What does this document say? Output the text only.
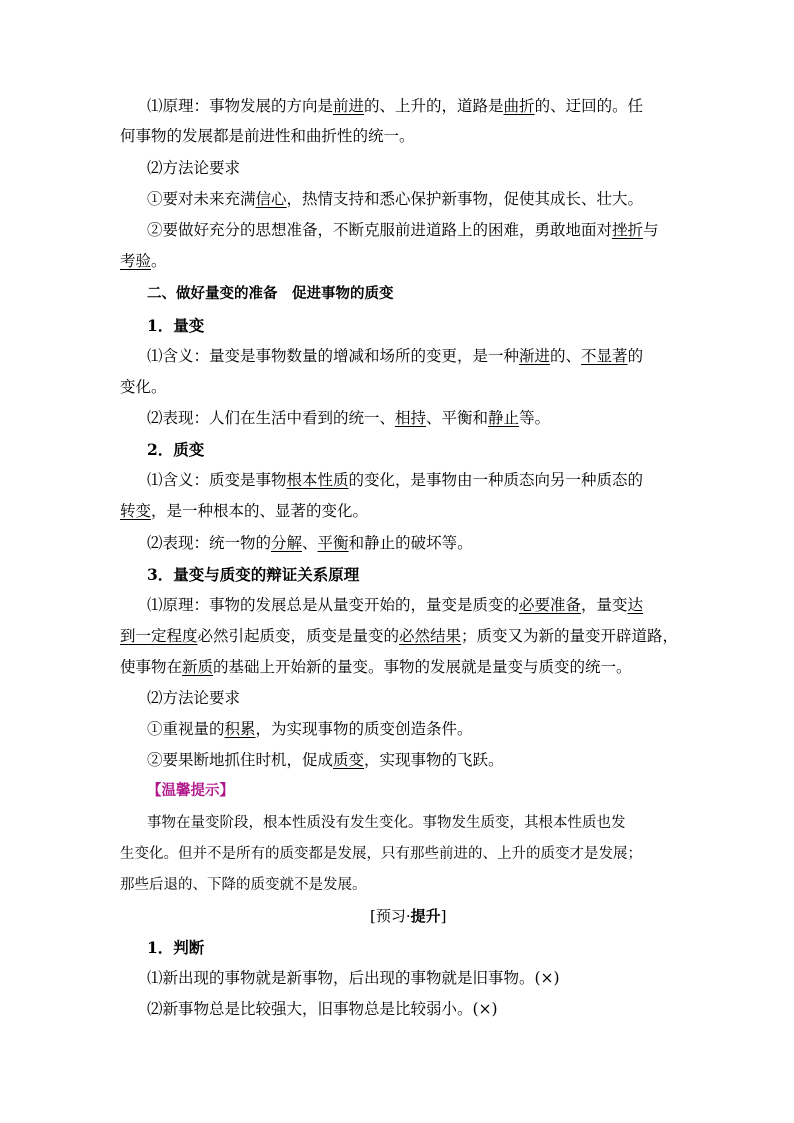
⑴原理：事物发展的方向是前进的、上升的，道路是曲折的、迂回的。任
何事物的发展都是前进性和曲折性的统一。
⑵方法论要求
①要对未来充满信心，热情支持和悉心保护新事物，促使其成长、壮大。
②要做好充分的思想准备，不断克服前进道路上的困难，勇敢地面对挫折与
考验。
二、做好量变的准备　促进事物的质变
1．量变
⑴含义：量变是事物数量的增减和场所的变更，是一种渐进的、不显著的
变化。
⑵表现：人们在生活中看到的统一、相持、平衡和静止等。
2．质变
⑴含义：质变是事物根本性质的变化，是事物由一种质态向另一种质态的
转变，是一种根本的、显著的变化。
⑵表现：统一物的分解、平衡和静止的破坏等。
3．量变与质变的辩证关系原理
⑴原理：事物的发展总是从量变开始的，量变是质变的必要准备，量变达
到一定程度必然引起质变，质变是量变的必然结果；质变又为新的量变开辟道路，
使事物在新质的基础上开始新的量变。事物的发展就是量变与质变的统一。
⑵方法论要求
①重视量的积累，为实现事物的质变创造条件。
②要果断地抓住时机，促成质变，实现事物的飞跃。
【温馨提示】
事物在量变阶段，根本性质没有发生变化。事物发生质变，其根本性质也发
生变化。但并不是所有的质变都是发展，只有那些前进的、上升的质变才是发展；
那些后退的、下降的质变就不是发展。
[预习·提升]
1．判断
⑴新出现的事物就是新事物，后出现的事物就是旧事物。(×)
⑵新事物总是比较强大，旧事物总是比较弱小。(×)
